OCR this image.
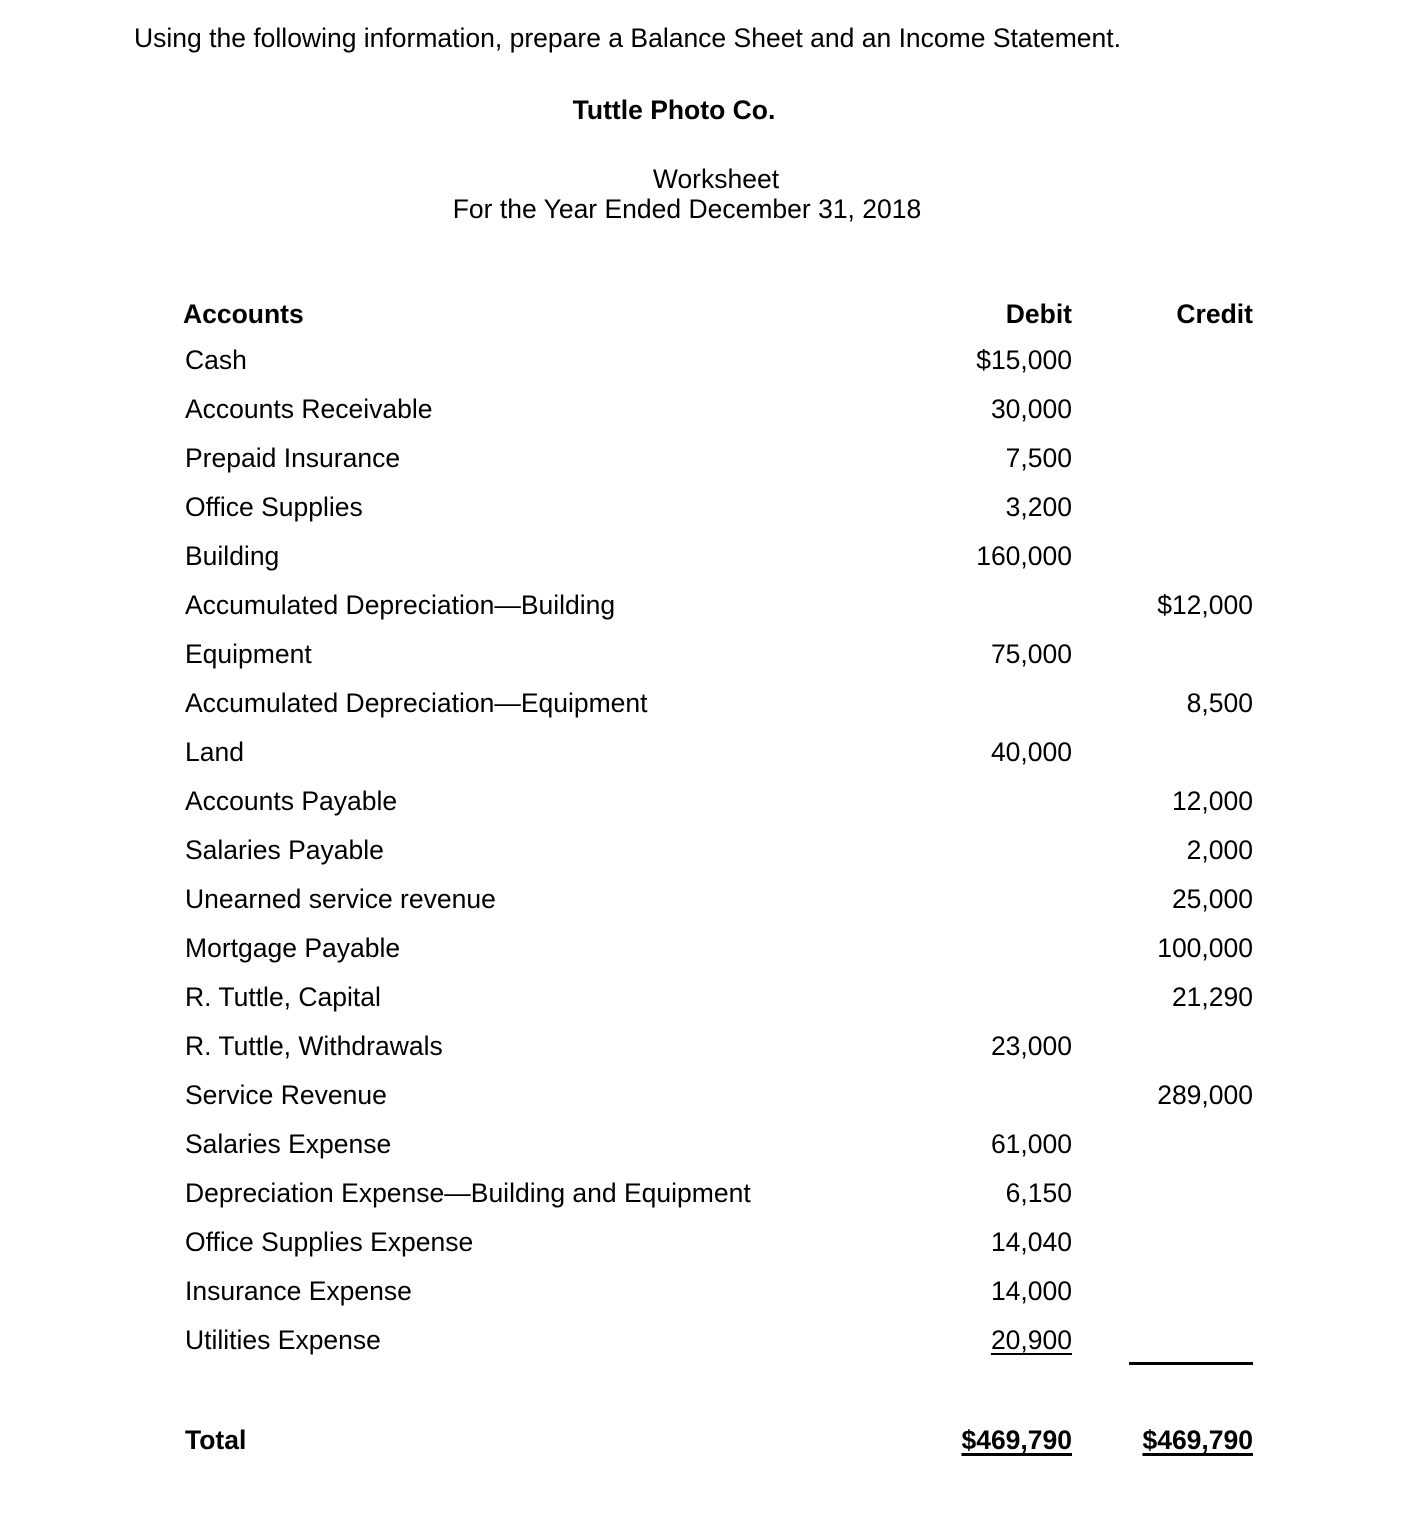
Using the following information, prepare a Balance Sheet and an Income Statement.
Tuttle Photo Co.
Worksheet
For the Year Ended December 31, 2018
Accounts	Debit	Credit
Cash	$15,000	
Accounts Receivable	30,000	
Prepaid Insurance	7,500	
Office Supplies	3,200	
Building	160,000	
Accumulated Depreciation—Building		$12,000
Equipment	75,000	
Accumulated Depreciation—Equipment		8,500
Land	40,000	
Accounts Payable		12,000
Salaries Payable		2,000
Unearned service revenue		25,000
Mortgage Payable		100,000
R. Tuttle, Capital		21,290
R. Tuttle, Withdrawals	23,000	
Service Revenue		289,000
Salaries Expense	61,000	
Depreciation Expense—Building and Equipment	6,150	
Office Supplies Expense	14,040	
Insurance Expense	14,000	
Utilities Expense	20,900	

Total	$469,790	$469,790
